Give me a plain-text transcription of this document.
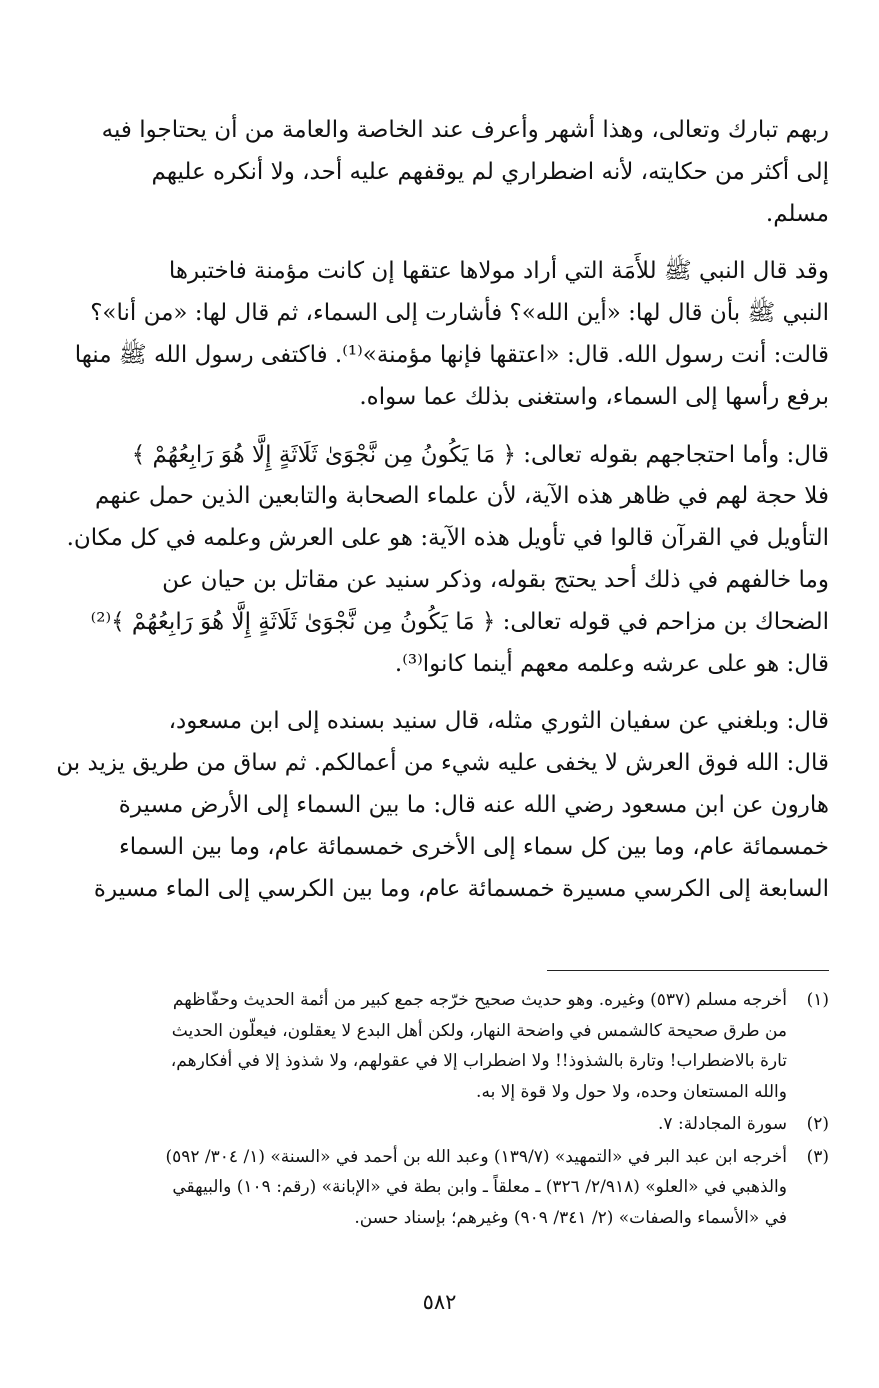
ربهم تبارك وتعالى، وهذا أشهر وأعرف عند الخاصة والعامة من أن يحتاجوا فيه
إلى أكثر من حكايته، لأنه اضطراري لم يوقفهم عليه أحد، ولا أنكره عليهم
مسلم.

وقد قال النبي ﷺ للأَمَة التي أراد مولاها عتقها إن كانت مؤمنة فاختبرها
النبي ﷺ بأن قال لها: «أين الله»؟ فأشارت إلى السماء، ثم قال لها: «من أنا»؟
قالت: أنت رسول الله. قال: «اعتقها فإنها مؤمنة»⁽¹⁾. فاكتفى رسول الله ﷺ منها
برفع رأسها إلى السماء، واستغنى بذلك عما سواه.

قال: وأما احتجاجهم بقوله تعالى: ﴿ مَا يَكُونُ مِن نَّجْوَىٰ ثَلَاثَةٍ إِلَّا هُوَ رَابِعُهُمْ ﴾
فلا حجة لهم في ظاهر هذه الآية، لأن علماء الصحابة والتابعين الذين حمل عنهم
التأويل في القرآن قالوا في تأويل هذه الآية: هو على العرش وعلمه في كل مكان.
وما خالفهم في ذلك أحد يحتج بقوله، وذكر سنيد عن مقاتل بن حيان عن
الضحاك بن مزاحم في قوله تعالى: ﴿ مَا يَكُونُ مِن نَّجْوَىٰ ثَلَاثَةٍ إِلَّا هُوَ رَابِعُهُمْ ﴾⁽²⁾
قال: هو على عرشه وعلمه معهم أينما كانوا⁽³⁾.

قال: وبلغني عن سفيان الثوري مثله، قال سنيد بسنده إلى ابن مسعود،
قال: الله فوق العرش لا يخفى عليه شيء من أعمالكم. ثم ساق من طريق يزيد بن
هارون عن ابن مسعود رضي الله عنه قال: ما بين السماء إلى الأرض مسيرة
خمسمائة عام، وما بين كل سماء إلى الأخرى خمسمائة عام، وما بين السماء
السابعة إلى الكرسي مسيرة خمسمائة عام، وما بين الكرسي إلى الماء مسيرة

(١)
أخرجه مسلم (٥٣٧) وغيره. وهو حديث صحيح خرّجه جمع كبير من أئمة الحديث وحفّاظهم
من طرق صحيحة كالشمس في واضحة النهار، ولكن أهل البدع لا يعقلون، فيعلّون الحديث
تارة بالاضطراب! وتارة بالشذوذ!! ولا اضطراب إلا في عقولهم، ولا شذوذ إلا في أفكارهم،
والله المستعان وحده، ولا حول ولا قوة إلا به.
(٢)
سورة المجادلة: ٧.
(٣)
أخرجه ابن عبد البر في «التمهيد» (١٣٩/٧) وعبد الله بن أحمد في «السنة» (١/ ٣٠٤/ ٥٩٢)
والذهبي في «العلو» (٢/٩١٨/ ٣٢٦) ـ معلقاً ـ وابن بطة في «الإبانة» (رقم: ١٠٩) والبيهقي
في «الأسماء والصفات» (٢/ ٣٤١/ ٩٠٩) وغيرهم؛ بإسناد حسن.
٥٨٢
